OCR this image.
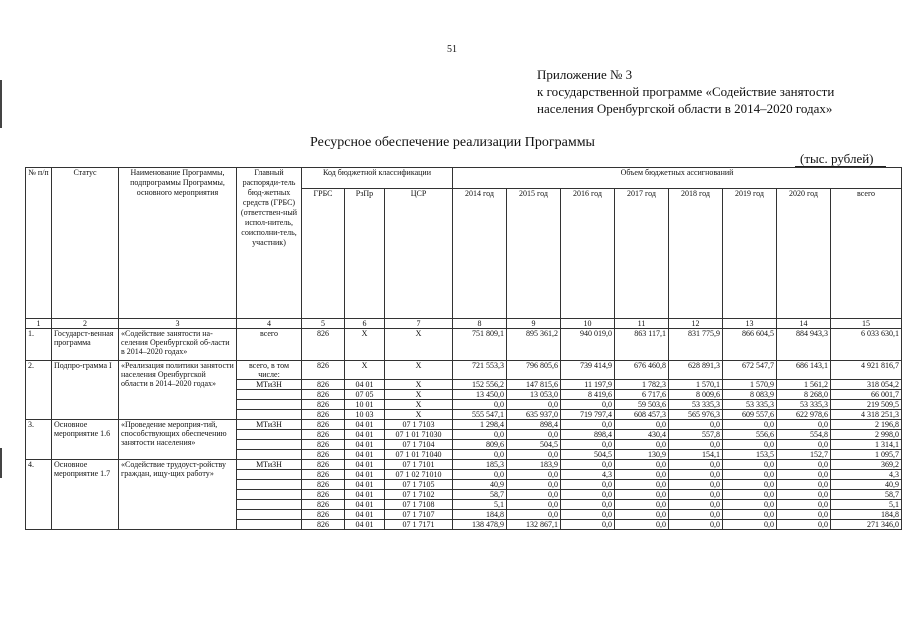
51
Приложение № 3
к государственной программе «Содействие занятости
населения Оренбургской области в 2014–2020 годах»
Ресурсное обеспечение реализации Программы
(тыс. рублей)
№ п/п	Статус	Наименование Программы, подпрограммы Программы, основного мероприятия	Главный распоряди-тель бюд-жетных средств (ГРБС) (ответствен-ный испол-нитель, соисполни-тель, участник)	Код бюджетной классификации			Объем бюджетных ассигнований							
				ГРБС	РзПр	ЦСР	2014 год	2015 год	2016 год	2017 год	2018 год	2019 год	2020 год	всего
1	2	3	4	5	6	7	8	9	10	11	12	13	14	15
1.	Государст-венная программа	«Содействие занятости на-селения Оренбургской об-ласти в 2014–2020 годах»	всего	826	Х	Х	751 809,1	895 361,2	940 019,0	863 117,1	831 775,9	866 604,5	884 943,3	6 033 630,1
2.	Подпро-грамма I	«Реализация политики занятости населения Оренбургской области в 2014–2020 годах»	всего, в том числе:	826	Х	Х	721 553,3	796 805,6	739 414,9	676 460,8	628 891,3	672 547,7	686 143,1	4 921 816,7
			МТиЗН	826	04 01	Х	152 556,2	147 815,6	11 197,9	1 782,3	1 570,1	1 570,9	1 561,2	318 054,2
				826	07 05	Х	13 450,0	13 053,0	8 419,6	6 717,6	8 009,6	8 083,9	8 268,0	66 001,7
				826	10 01	Х	0,0	0,0	0,0	59 503,6	53 335,3	53 335,3	53 335,3	219 509,5
				826	10 03	Х	555 547,1	635 937,0	719 797,4	608 457,3	565 976,3	609 557,6	622 978,6	4 318 251,3
3.	Основное мероприятие 1.6	«Проведение мероприя-тий, способствующих обеспечению занятости населения»	МТиЗН	826	04 01	07 1 7103	1 298,4	898,4	0,0	0,0	0,0	0,0	0,0	2 196,8
				826	04 01	07 1 01 71030	0,0	0,0	898,4	430,4	557,8	556,6	554,8	2 998,0
				826	04 01	07 1 7104	809,6	504,5	0,0	0,0	0,0	0,0	0,0	1 314,1
				826	04 01	07 1 01 71040	0,0	0,0	504,5	130,9	154,1	153,5	152,7	1 095,7
4.	Основное мероприятие 1.7	«Содействие трудоуст-ройству граждан, ищу-щих работу»	МТиЗН	826	04 01	07 1 7101	185,3	183,9	0,0	0,0	0,0	0,0	0,0	369,2
				826	04 01	07 1 02 71010	0,0	0,0	4,3	0,0	0,0	0,0	0,0	4,3
				826	04 01	07 1 7105	40,9	0,0	0,0	0,0	0,0	0,0	0,0	40,9
				826	04 01	07 1 7102	58,7	0,0	0,0	0,0	0,0	0,0	0,0	58,7
				826	04 01	07 1 7108	5,1	0,0	0,0	0,0	0,0	0,0	0,0	5,1
				826	04 01	07 1 7107	184,8	0,0	0,0	0,0	0,0	0,0	0,0	184,8
				826	04 01	07 1 7171	138 478,9	132 867,1	0,0	0,0	0,0	0,0	0,0	271 346,0
